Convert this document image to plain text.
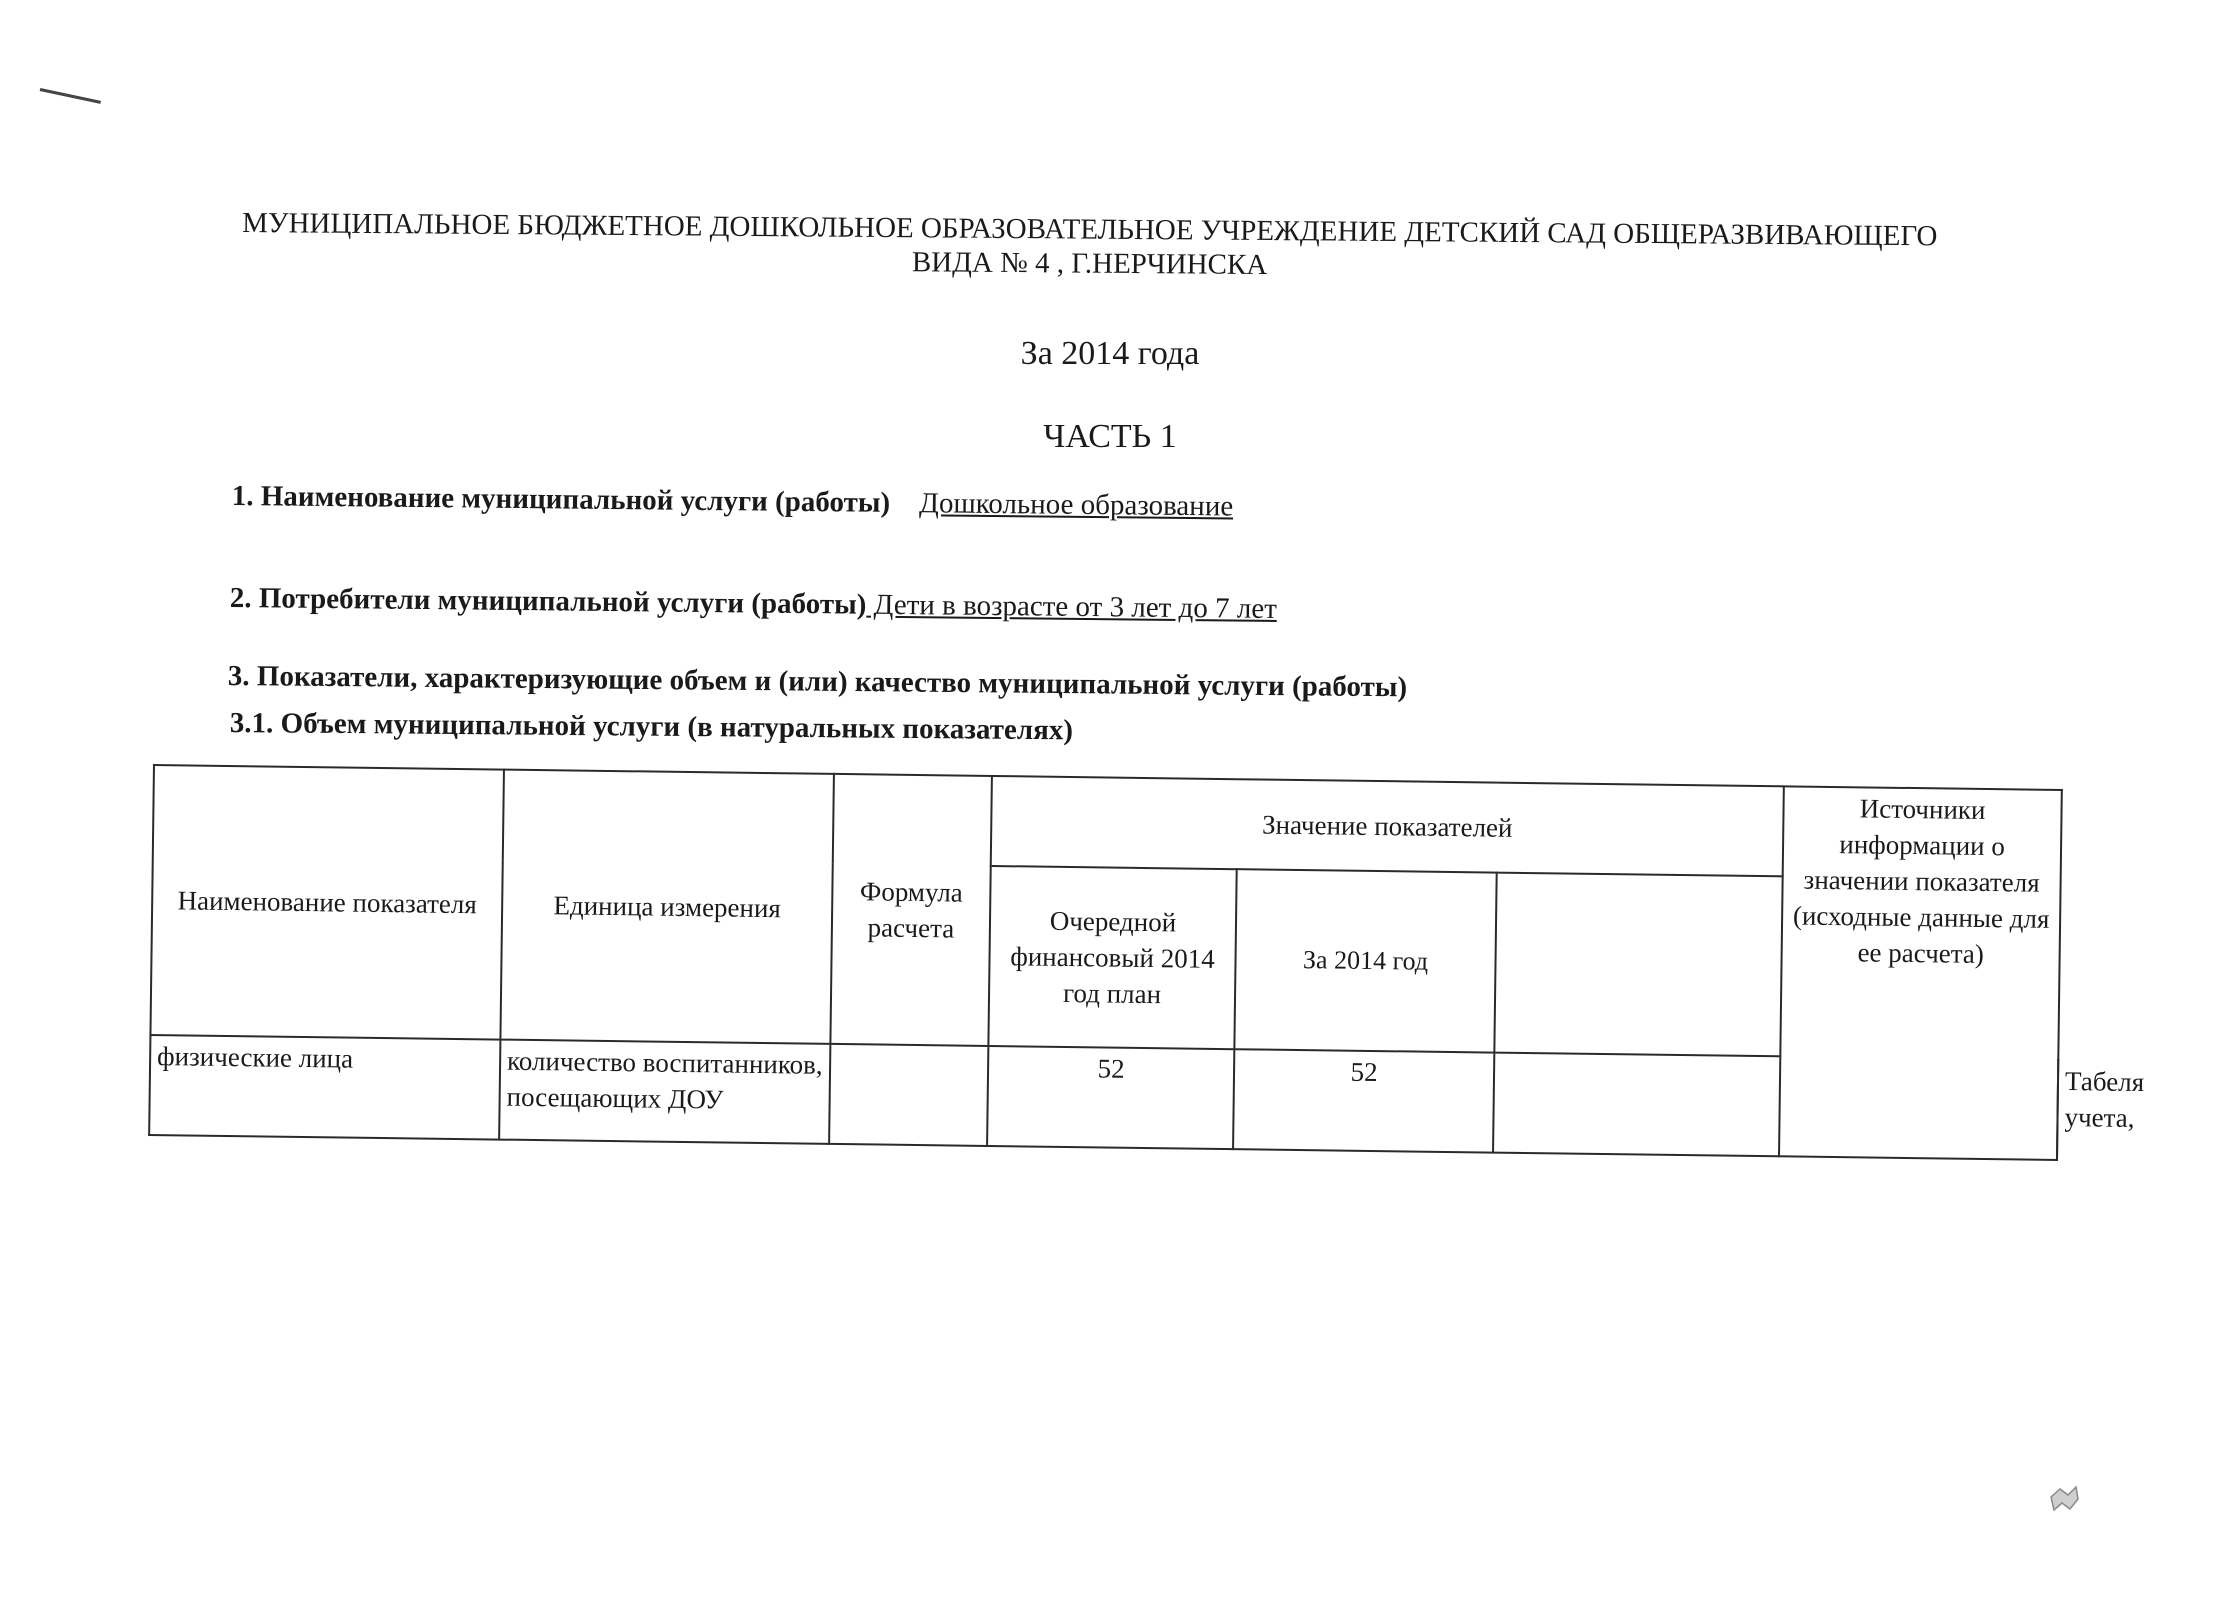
МУНИЦИПАЛЬНОЕ БЮДЖЕТНОЕ ДОШКОЛЬНОЕ ОБРАЗОВАТЕЛЬНОЕ УЧРЕЖДЕНИЕ ДЕТСКИЙ САД ОБЩЕРАЗВИВАЮЩЕГО
ВИДА № 4 , Г.НЕРЧИНСКА
За 2014 года
ЧАСТЬ 1
1. Наименование муниципальной услуги (работы) Дошкольное образование
2. Потребители муниципальной услуги (работы) Дети в возрасте от 3 лет до 7 лет
3. Показатели, характеризующие объем и (или) качество муниципальной услуги (работы)
3.1. Объем муниципальной услуги (в натуральных показателях)
Наименование показателя	Единица измерения	Формула расчета	Значение показателей			Источники информации о значении показателя (исходные данные для ее расчета)	
			Очередной финансовый 2014 год план	За 2014 год			
физические лица	количество воспитанников, посещающих ДОУ		52	52			Табеля учета,
